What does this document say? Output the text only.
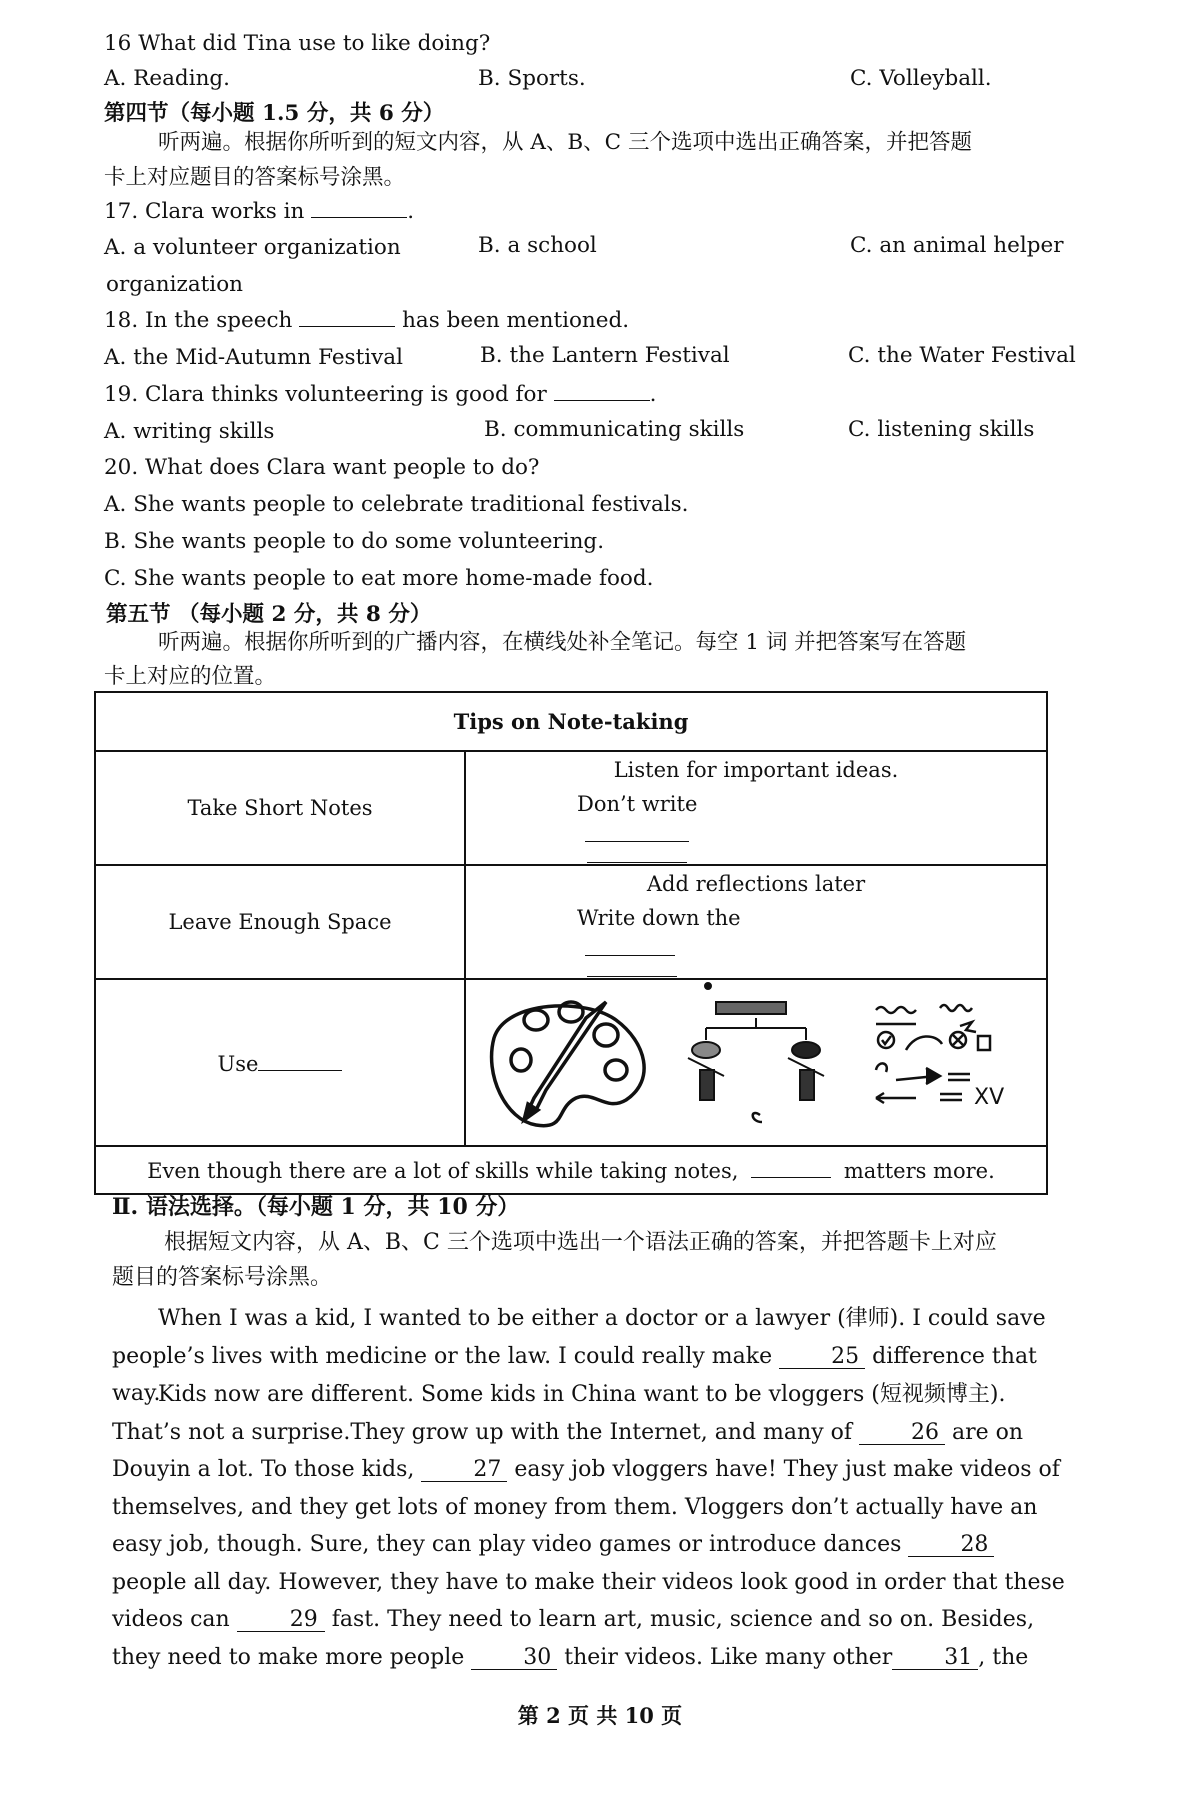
16 What did Tina use to like doing?
A. Reading.	B. Sports.	C. Volleyball.
第四节（每小题 1.5 分，共 6 分）
听两遍。根据你所听到的短文内容，从 A、B、C 三个选项中选出正确答案，并把答题
卡上对应题目的答案标号涂黑。
17. Clara works in	.
A. a volunteer organization	B. a school	C. an animal helper
organization
18. In the speech	has been mentioned.
A. the Mid-Autumn Festival	B. the Lantern Festival	C. the Water Festival
19. Clara thinks volunteering is good for	.
A. writing skills	B. communicating skills	C. listening skills
20. What does Clara want people to do?
A. She wants people to celebrate traditional festivals.
B. She wants people to do some volunteering.
C. She wants people to eat more home-made food.
第五节 （每小题 2 分，共 8 分）
听两遍。根据你所听到的广播内容，在横线处补全笔记。每空 1 词 并把答案写在答题
卡上对应的位置。
Tips on Note-taking	
Take Short Notes	Listen for important ideas.
Don’t write

Leave Enough Space	Add reflections later
Write down the

Use	XV

Even though there are a lot of skills while taking notes, matters more.	
Ⅱ. 语法选择。（每小题 1 分，共 10 分）
根据短文内容，从 A、B、C 三个选项中选出一个语法正确的答案，并把答题卡上对应
题目的答案标号涂黑。
When I was a kid, I wanted to be either a doctor or a lawyer (律师). I could save people’s lives with medicine or the law. I could really make	25 difference that way.
Kids now are different. Some kids in China want to be vloggers (短视频博主). That’s not a surprise.They grow up with the Internet, and many of	26 are on Douyin a lot. To those kids,	27 easy job vloggers have! They just make videos of themselves, and they get lots of money from them. Vloggers don’t actually have an easy job, though. Sure, they can play video games or introduce dances	28 people all day. However, they have to make their videos look good in order that these videos can	29 fast. They need to learn art, music, science and so on. Besides, they need to make more people	30 their videos. Like many other 31 , the
第 2 页 共 10 页
